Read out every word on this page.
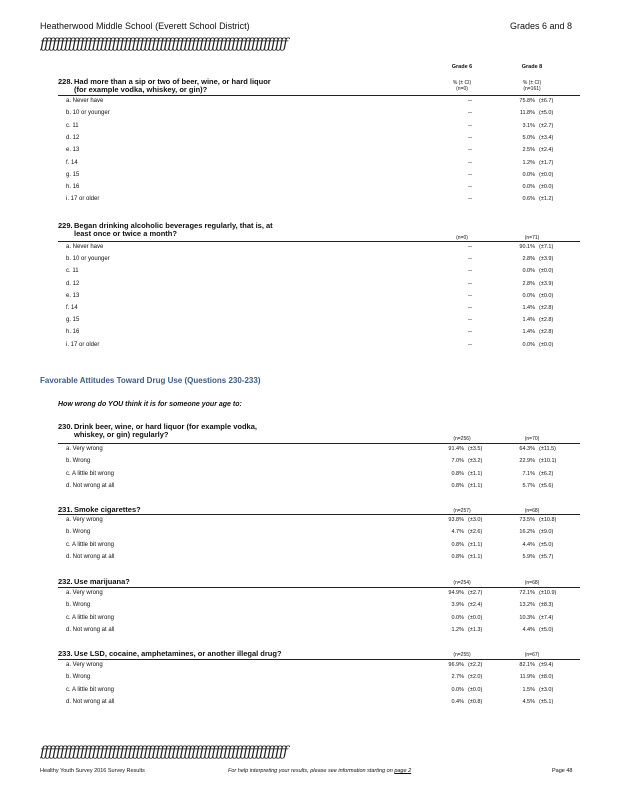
Heatherwood Middle School (Everett School District)	Grades 6 and 8
ƒƒƒƒƒƒƒƒƒƒƒƒƒƒƒƒƒƒƒƒƒƒƒƒƒƒƒƒƒƒƒƒƒƒƒƒƒƒƒƒƒƒƒƒƒƒƒƒƒƒƒƒƒƒƒƒƒƒƒƒƒƒ
Grade 6	Grade 8
228.Had more than a sip or two of beer, wine, or hard liquor
(for example vodka, whiskey, or gin)?
% (± CI)	% (± CI)
(n=0)	(n=161)
a. Never have	--	75.8% (±6.7)
b. 10 or younger	--	11.8% (±5.0)
c. 11	--	3.1% (±2.7)
d. 12	--	5.0% (±3.4)
e. 13	--	2.5% (±2.4)
f. 14	--	1.2% (±1.7)
g. 15	--	0.0% (±0.0)
h. 16	--	0.0% (±0.0)
i. 17 or older	--	0.6% (±1.2)
229.Began drinking alcoholic beverages regularly, that is, at
least once or twice a month?	(n=0)	(n=71)
a. Never have	--	90.1% (±7.1)
b. 10 or younger	--	2.8% (±3.9)
c. 11	--	0.0% (±0.0)
d. 12	--	2.8% (±3.9)
e. 13	--	0.0% (±0.0)
f. 14	--	1.4% (±2.8)
g. 15	--	1.4% (±2.8)
h. 16	--	1.4% (±2.8)
i. 17 or older	--	0.0% (±0.0)
Favorable Attitudes Toward Drug Use (Questions 230-233)
How wrong do YOU think it is for someone your age to:
230.Drink beer, wine, or hard liquor (for example vodka,
whiskey, or gin) regularly?	(n=256)	(n=70)
a. Very wrong	91.4% (±3.5)	64.3% (±11.5)
b. Wrong	7.0% (±3.2)	22.9% (±10.1)
c. A little bit wrong	0.8% (±1.1)	7.1% (±6.2)
d. Not wrong at all	0.8% (±1.1)	5.7% (±5.6)
231.Smoke cigarettes?	(n=257)	(n=68)
a. Very wrong	93.8% (±3.0)	73.5% (±10.8)
b. Wrong	4.7% (±2.6)	16.2% (±9.0)
c. A little bit wrong	0.8% (±1.1)	4.4% (±5.0)
d. Not wrong at all	0.8% (±1.1)	5.9% (±5.7)
232.Use marijuana?	(n=254)	(n=68)
a. Very wrong	94.9% (±2.7)	72.1% (±10.9)
b. Wrong	3.9% (±2.4)	13.2% (±8.3)
c. A little bit wrong	0.0% (±0.0)	10.3% (±7.4)
d. Not wrong at all	1.2% (±1.3)	4.4% (±5.0)
233.Use LSD, cocaine, amphetamines, or another illegal drug?	(n=255)	(n=67)
a. Very wrong	96.9% (±2.2)	82.1% (±9.4)
b. Wrong	2.7% (±2.0)	11.9% (±8.0)
c. A little bit wrong	0.0% (±0.0)	1.5% (±3.0)
d. Not wrong at all	0.4% (±0.8)	4.5% (±5.1)
ƒƒƒƒƒƒƒƒƒƒƒƒƒƒƒƒƒƒƒƒƒƒƒƒƒƒƒƒƒƒƒƒƒƒƒƒƒƒƒƒƒƒƒƒƒƒƒƒƒƒƒƒƒƒƒƒƒƒƒƒƒƒ
Healthy Youth Survey 2016 Survey Results	For help interpreting your results, please see information starting on page 2	Page 48
